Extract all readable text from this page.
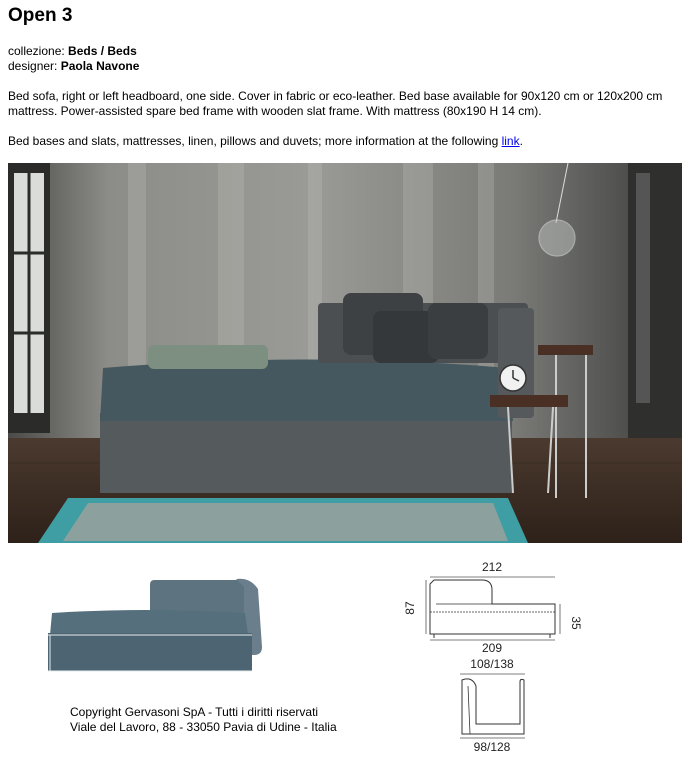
Open 3
collezione: Beds / Beds
designer: Paola Navone

Bed sofa, right or left headboard, one side. Cover in fabric or eco-leather. Bed base available for 90x120 cm or 120x200 cm mattress. Power-assisted spare bed frame with wooden slat frame. With mattress (80x190 H 14 cm).

Bed bases and slats, mattresses, linen, pillows and duvets; more information at the following link.

Copyright Gervasoni SpA - Tutti i diritti riservati
Viale del Lavoro, 88 - 33050 Pavia di Udine - Italia
212
87
35
209
108/138
98/128
